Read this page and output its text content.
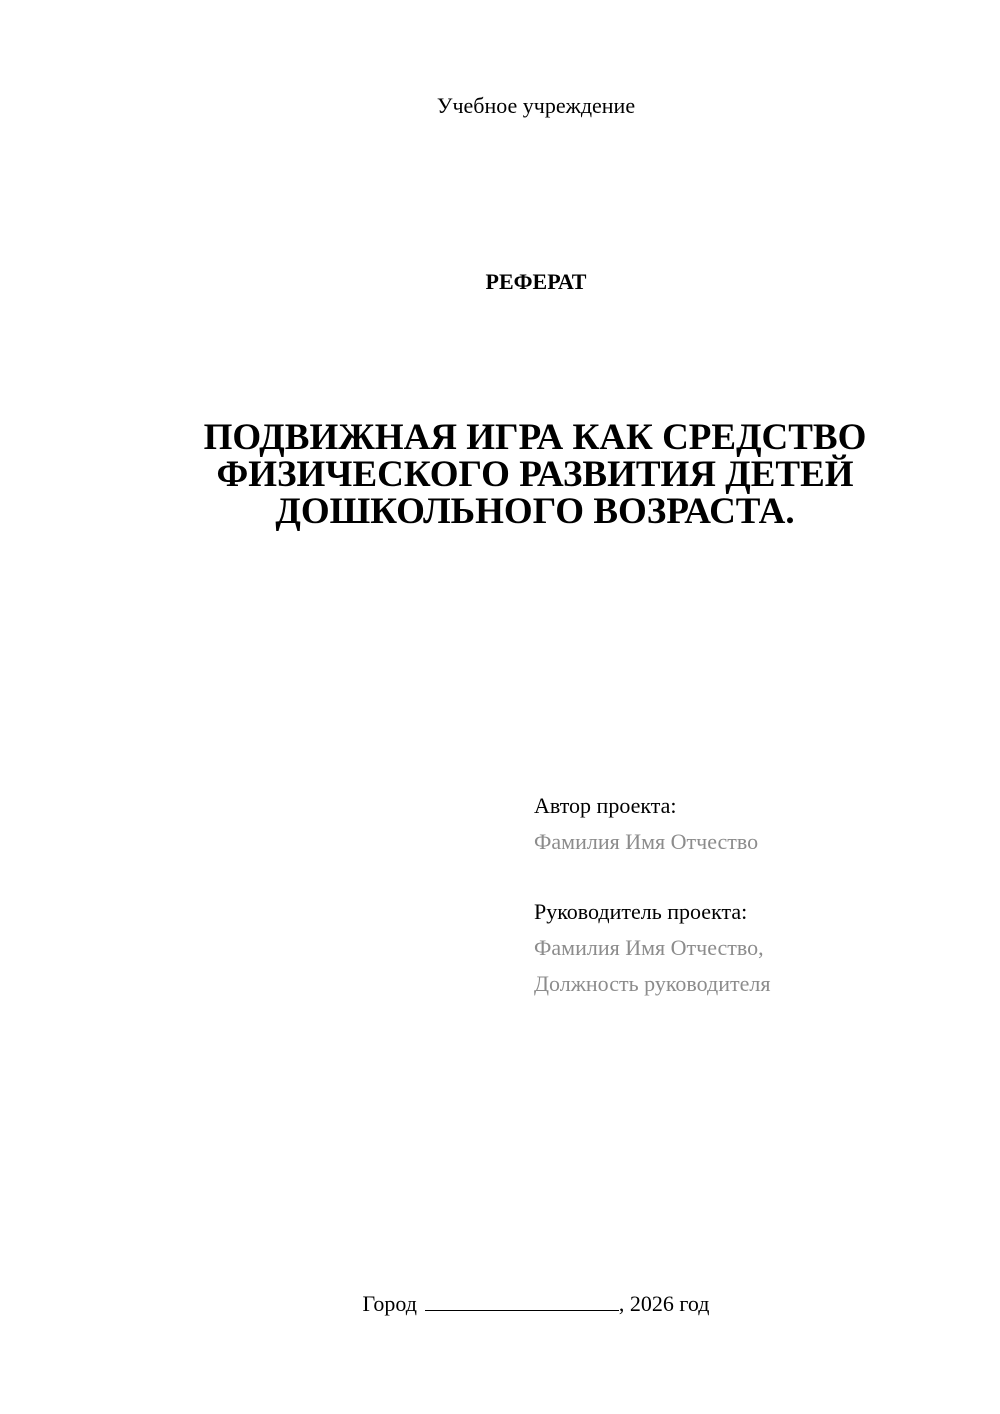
Учебное учреждение
РЕФЕРАТ
ПОДВИЖНАЯ ИГРА КАК СРЕДСТВО
ФИЗИЧЕСКОГО РАЗВИТИЯ ДЕТЕЙ
ДОШКОЛЬНОГО ВОЗРАСТА.
Автор проекта:
Фамилия Имя Отчество
Руководитель проекта:
Фамилия Имя Отчество,
Должность руководителя
Город	, 2026 год
